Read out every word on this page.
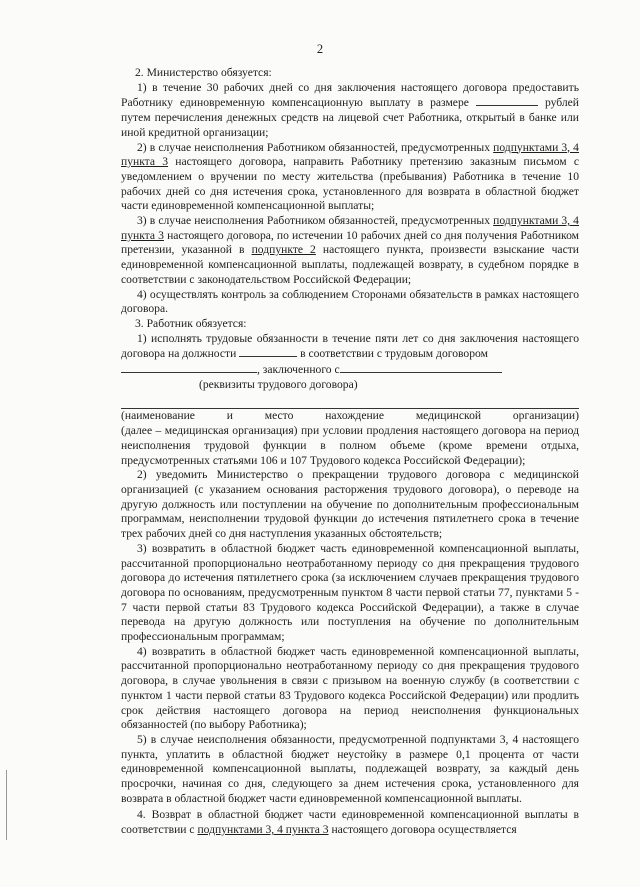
2

2. Министерство обязуется:

1) в течение 30 рабочих дней со дня заключения настоящего договора предоставить Работнику единовременную компенсационную выплату в размере	рублей путем перечисления денежных средств на лицевой счет Работника, открытый в банке или иной кредитной организации;

2) в случае неисполнения Работником обязанностей, предусмотренных подпунктами 3, 4 пункта 3 настоящего договора, направить Работнику претензию заказным письмом с уведомлением о вручении по месту жительства (пребывания) Работника в течение 10 рабочих дней со дня истечения срока, установленного для возврата в областной бюджет части единовременной компенсационной выплаты;

3) в случае неисполнения Работником обязанностей, предусмотренных подпунктами 3, 4 пункта 3 настоящего договора, по истечении 10 рабочих дней со дня получения Работником претензии, указанной в подпункте 2 настоящего пункта, произвести взыскание части единовременной компенсационной выплаты, подлежащей возврату, в судебном порядке в соответствии с законодательством Российской Федерации;

4) осуществлять контроль за соблюдением Сторонами обязательств в рамках настоящего договора.

3. Работник обязуется:

1) исполнять трудовые обязанности в течение пяти лет со дня заключения настоящего договора на должности	в соответствии с трудовым договором

, заключенного с

(реквизиты трудового договора)

(наименование и место нахождение медицинской организации)

(далее – медицинская организация) при условии продления настоящего договора на период неисполнения трудовой функции в полном объеме (кроме времени отдыха, предусмотренных статьями 106 и 107 Трудового кодекса Российской Федерации);

2) уведомить Министерство о прекращении трудового договора с медицинской организацией (с указанием основания расторжения трудового договора), о переводе на другую должность или поступлении на обучение по дополнительным профессиональным программам, неисполнении трудовой функции до истечения пятилетнего срока в течение трех рабочих дней со дня наступления указанных обстоятельств;

3) возвратить в областной бюджет часть единовременной компенсационной выплаты, рассчитанной пропорционально неотработанному периоду со дня прекращения трудового договора до истечения пятилетнего срока (за исключением случаев прекращения трудового договора по основаниям, предусмотренным пунктом 8 части первой статьи 77, пунктами 5 - 7 части первой статьи 83 Трудового кодекса Российской Федерации), а также в случае перевода на другую должность или поступления на обучение по дополнительным профессиональным программам;

4) возвратить в областной бюджет часть единовременной компенсационной выплаты, рассчитанной пропорционально неотработанному периоду со дня прекращения трудового договора, в случае увольнения в связи с призывом на военную службу (в соответствии с пунктом 1 части первой статьи 83 Трудового кодекса Российской Федерации) или продлить срок действия настоящего договора на период неисполнения функциональных обязанностей (по выбору Работника);

5) в случае неисполнения обязанности, предусмотренной подпунктами 3, 4 настоящего пункта, уплатить в областной бюджет неустойку в размере 0,1 процента от части единовременной компенсационной выплаты, подлежащей возврату, за каждый день просрочки, начиная со дня, следующего за днем истечения срока, установленного для возврата в областной бюджет части единовременной компенсационной выплаты.

4. Возврат в областной бюджет части единовременной компенсационной выплаты в соответствии с подпунктами 3, 4 пункта 3 настоящего договора осуществляется
